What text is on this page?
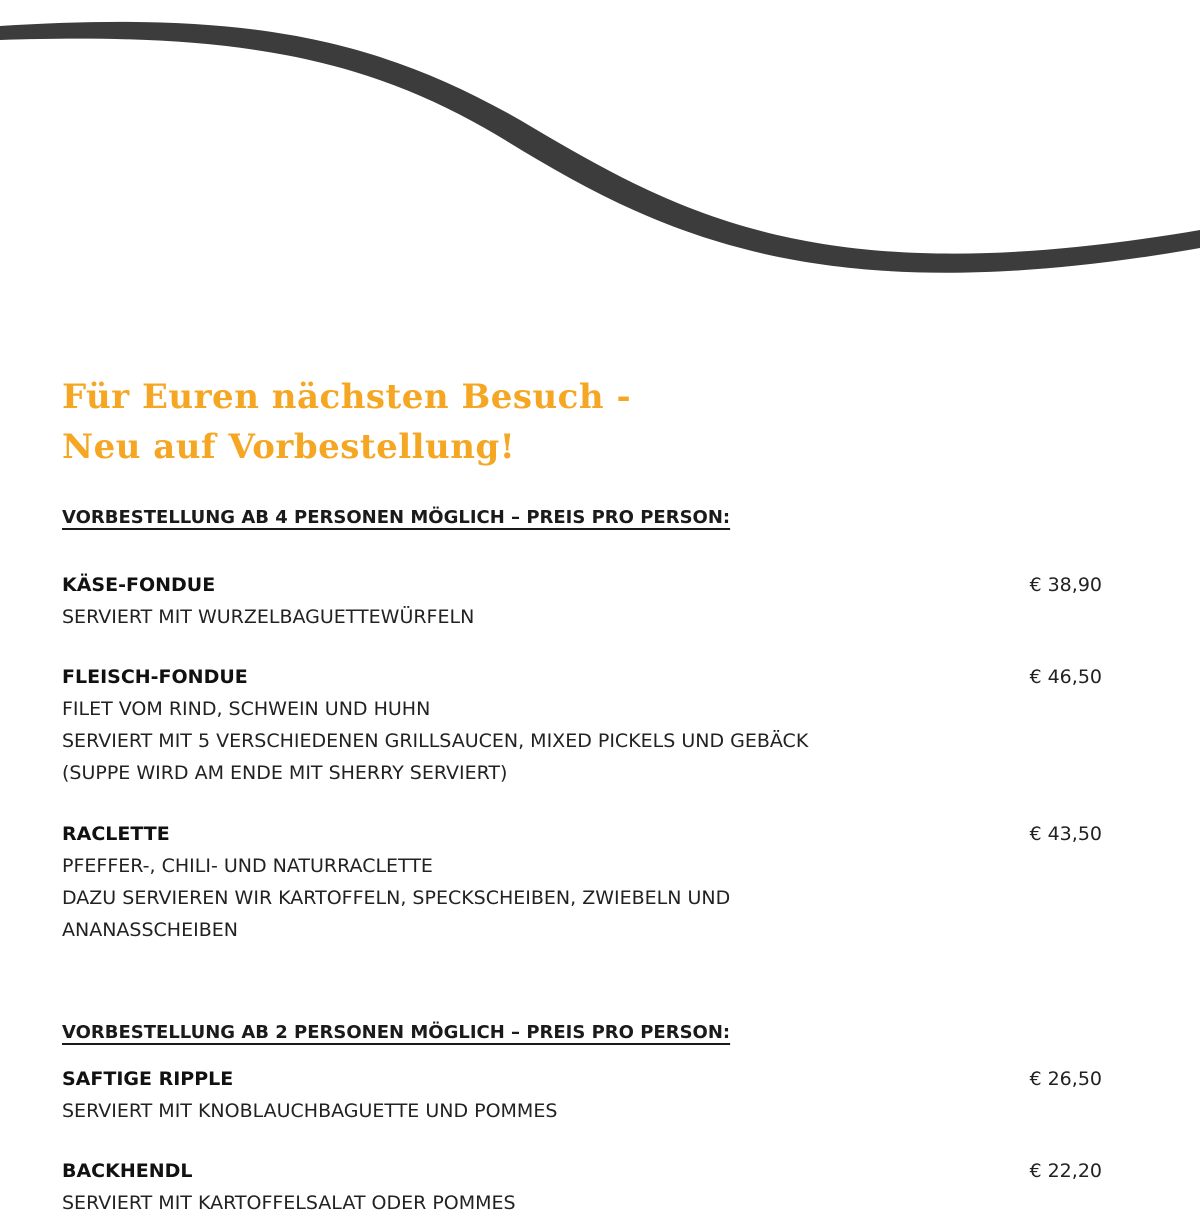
Für Euren nächsten Besuch -
Neu auf Vorbestellung!
VORBESTELLUNG AB 4 PERSONEN MÖGLICH – PREIS PRO PERSON:
KÄSE-FONDUE	€ 38,90
SERVIERT MIT WURZELBAGUETTEWÜRFELN
FLEISCH-FONDUE	€ 46,50
FILET VOM RIND, SCHWEIN UND HUHN
SERVIERT MIT 5 VERSCHIEDENEN GRILLSAUCEN, MIXED PICKELS UND GEBÄCK
(SUPPE WIRD AM ENDE MIT SHERRY SERVIERT)
RACLETTE	€ 43,50
PFEFFER-, CHILI- UND NATURRACLETTE
DAZU SERVIEREN WIR KARTOFFELN, SPECKSCHEIBEN, ZWIEBELN UND
ANANASSCHEIBEN
VORBESTELLUNG AB 2 PERSONEN MÖGLICH – PREIS PRO PERSON:
SAFTIGE RIPPLE	€ 26,50
SERVIERT MIT KNOBLAUCHBAGUETTE UND POMMES
BACKHENDL	€ 22,20
SERVIERT MIT KARTOFFELSALAT ODER POMMES
